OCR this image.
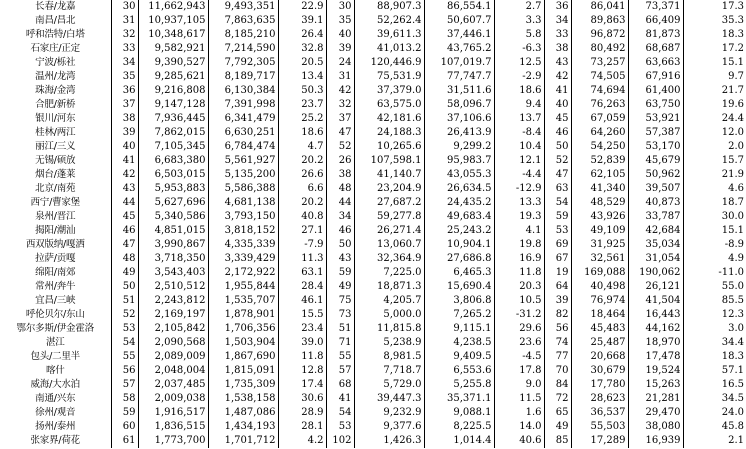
长春/龙嘉	30	11,662,943	9,493,351	22.9	30	88,907.3	86,554.1	2.7	36	86,041	73,371	17.3
南昌/昌北	31	10,937,105	7,863,635	39.1	35	52,262.4	50,607.7	3.3	34	89,863	66,409	35.3
呼和浩特/白塔	32	10,348,617	8,185,210	26.4	40	39,611.3	37,446.1	5.8	33	96,872	81,873	18.3
石家庄/正定	33	9,582,921	7,214,590	32.8	39	41,013.2	43,765.2	-6.3	38	80,492	68,687	17.2
宁波/栎社	34	9,390,527	7,792,305	20.5	24	120,446.9	107,019.7	12.5	43	73,257	63,663	15.1
温州/龙湾	35	9,285,621	8,189,717	13.4	31	75,531.9	77,747.7	-2.9	42	74,505	67,916	9.7
珠海/金湾	36	9,216,808	6,130,384	50.3	42	37,379.0	31,511.6	18.6	41	74,694	61,400	21.7
合肥/新桥	37	9,147,128	7,391,998	23.7	32	63,575.0	58,096.7	9.4	40	76,263	63,750	19.6
银川/河东	38	7,936,445	6,341,479	25.2	37	42,181.6	37,106.6	13.7	45	67,059	53,921	24.4
桂林/两江	39	7,862,015	6,630,251	18.6	47	24,188.3	26,413.9	-8.4	46	64,260	57,387	12.0
丽江/三义	40	7,105,345	6,784,474	4.7	52	10,265.6	9,299.2	10.4	50	54,250	53,170	2.0
无锡/硕放	41	6,683,380	5,561,927	20.2	26	107,598.1	95,983.7	12.1	52	52,839	45,679	15.7
烟台/蓬莱	42	6,503,015	5,135,200	26.6	38	41,140.7	43,055.3	-4.4	47	62,105	50,962	21.9
北京/南苑	43	5,953,883	5,586,388	6.6	48	23,204.9	26,634.5	-12.9	63	41,340	39,507	4.6
西宁/曹家堡	44	5,627,696	4,681,138	20.2	44	27,687.2	24,435.2	13.3	54	48,529	40,873	18.7
泉州/晋江	45	5,340,586	3,793,150	40.8	34	59,277.8	49,683.4	19.3	59	43,926	33,787	30.0
揭阳/潮汕	46	4,851,015	3,818,152	27.1	46	26,271.4	25,243.2	4.1	53	49,109	42,684	15.1
西双版纳/嘎洒	47	3,990,867	4,335,339	-7.9	50	13,060.7	10,904.1	19.8	69	31,925	35,034	-8.9
拉萨/贡嘎	48	3,718,350	3,339,429	11.3	43	32,364.9	27,686.8	16.9	67	32,561	31,054	4.9
绵阳/南郊	49	3,543,403	2,172,922	63.1	59	7,225.0	6,465.3	11.8	19	169,088	190,062	-11.0
常州/奔牛	50	2,510,512	1,955,844	28.4	49	18,871.3	15,690.4	20.3	64	40,498	26,121	55.0
宜昌/三峡	51	2,243,812	1,535,707	46.1	75	4,205.7	3,806.8	10.5	39	76,974	41,504	85.5
呼伦贝尔/东山	52	2,169,197	1,878,901	15.5	73	5,000.0	7,265.2	-31.2	82	18,464	16,443	12.3
鄂尔多斯/伊金霍洛	53	2,105,842	1,706,356	23.4	51	11,815.8	9,115.1	29.6	56	45,483	44,162	3.0
湛江	54	2,090,568	1,503,904	39.0	71	5,238.9	4,238.5	23.6	74	25,487	18,970	34.4
包头/二里半	55	2,089,009	1,867,690	11.8	55	8,981.5	9,409.5	-4.5	77	20,668	17,478	18.3
喀什	56	2,048,004	1,815,091	12.8	57	7,718.7	6,553.6	17.8	70	30,679	19,524	57.1
威海/大水泊	57	2,037,485	1,735,309	17.4	68	5,729.0	5,255.8	9.0	84	17,780	15,263	16.5
南通/兴东	58	2,009,038	1,538,158	30.6	41	39,447.3	35,371.1	11.5	72	28,623	21,281	34.5
徐州/观音	59	1,916,517	1,487,086	28.9	54	9,232.9	9,088.1	1.6	65	36,537	29,470	24.0
扬州/泰州	60	1,836,515	1,434,193	28.1	53	9,377.6	8,225.5	14.0	49	55,503	38,080	45.8
张家界/荷花	61	1,773,700	1,701,712	4.2	102	1,426.3	1,014.4	40.6	85	17,289	16,939	2.1
